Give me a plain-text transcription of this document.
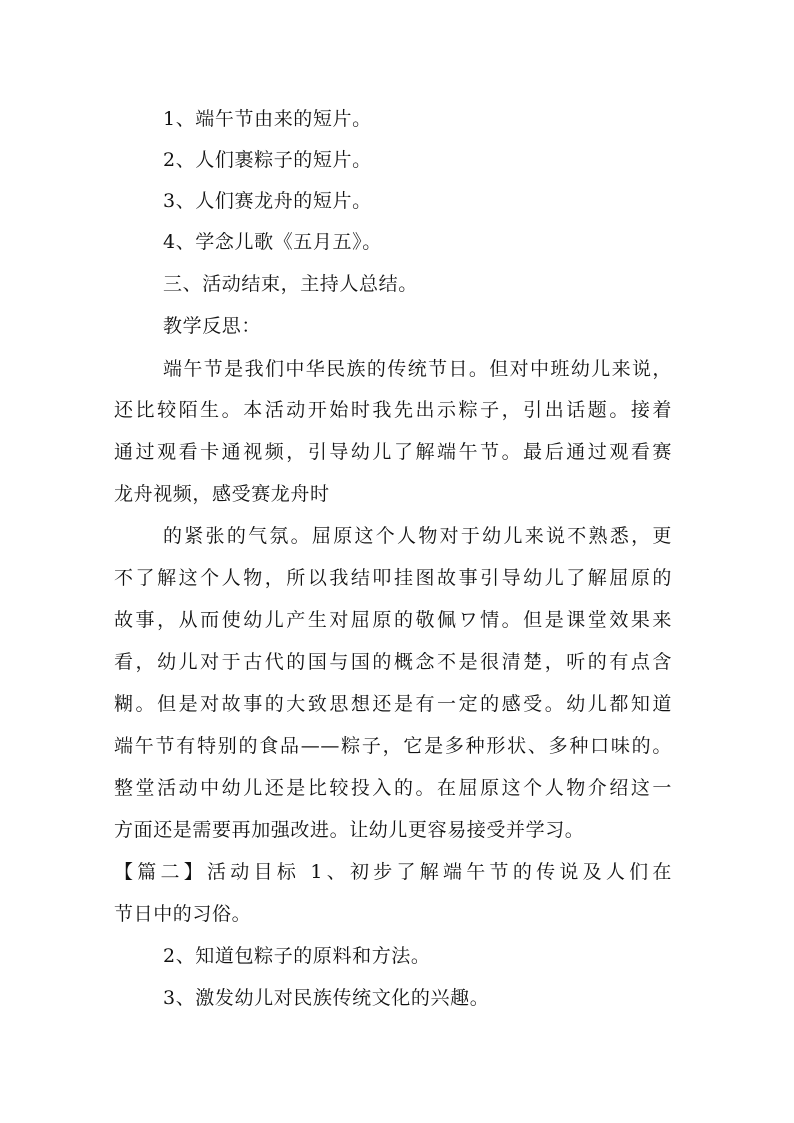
1、端午节由来的短片。
2、人们裹粽子的短片。
3、人们赛龙舟的短片。
4、学念儿歌《五月五》。
三、活动结束，主持人总结。
教学反思：
端午节是我们中华民族的传统节日。但对中班幼儿来说，
还比较陌生。本活动开始时我先出示粽子，引出话题。接着
通过观看卡通视频，引导幼儿了解端午节。最后通过观看赛
龙舟视频，感受赛龙舟时
的紧张的气氛。屈原这个人物对于幼儿来说不熟悉，更
不了解这个人物，所以我结叩挂图故事引导幼儿了解屈原的
故事，从而使幼儿产生对屈原的敬佩ワ情。但是课堂效果来
看，幼儿对于古代的国与国的概念不是很清楚，听的有点含
糊。但是对故事的大致思想还是有一定的感受。幼儿都知道
端午节有特别的食品——粽子，它是多种形状、多种口味的。
整堂活动中幼儿还是比较投入的。在屈原这个人物介绍这一
方面还是需要再加强改进。让幼儿更容易接受并学习。
【篇二】活动目标 1、初步了解端午节的传说及人们在
节日中的习俗。
2、知道包粽子的原料和方法。
3、激发幼儿对民族传统文化的兴趣。
